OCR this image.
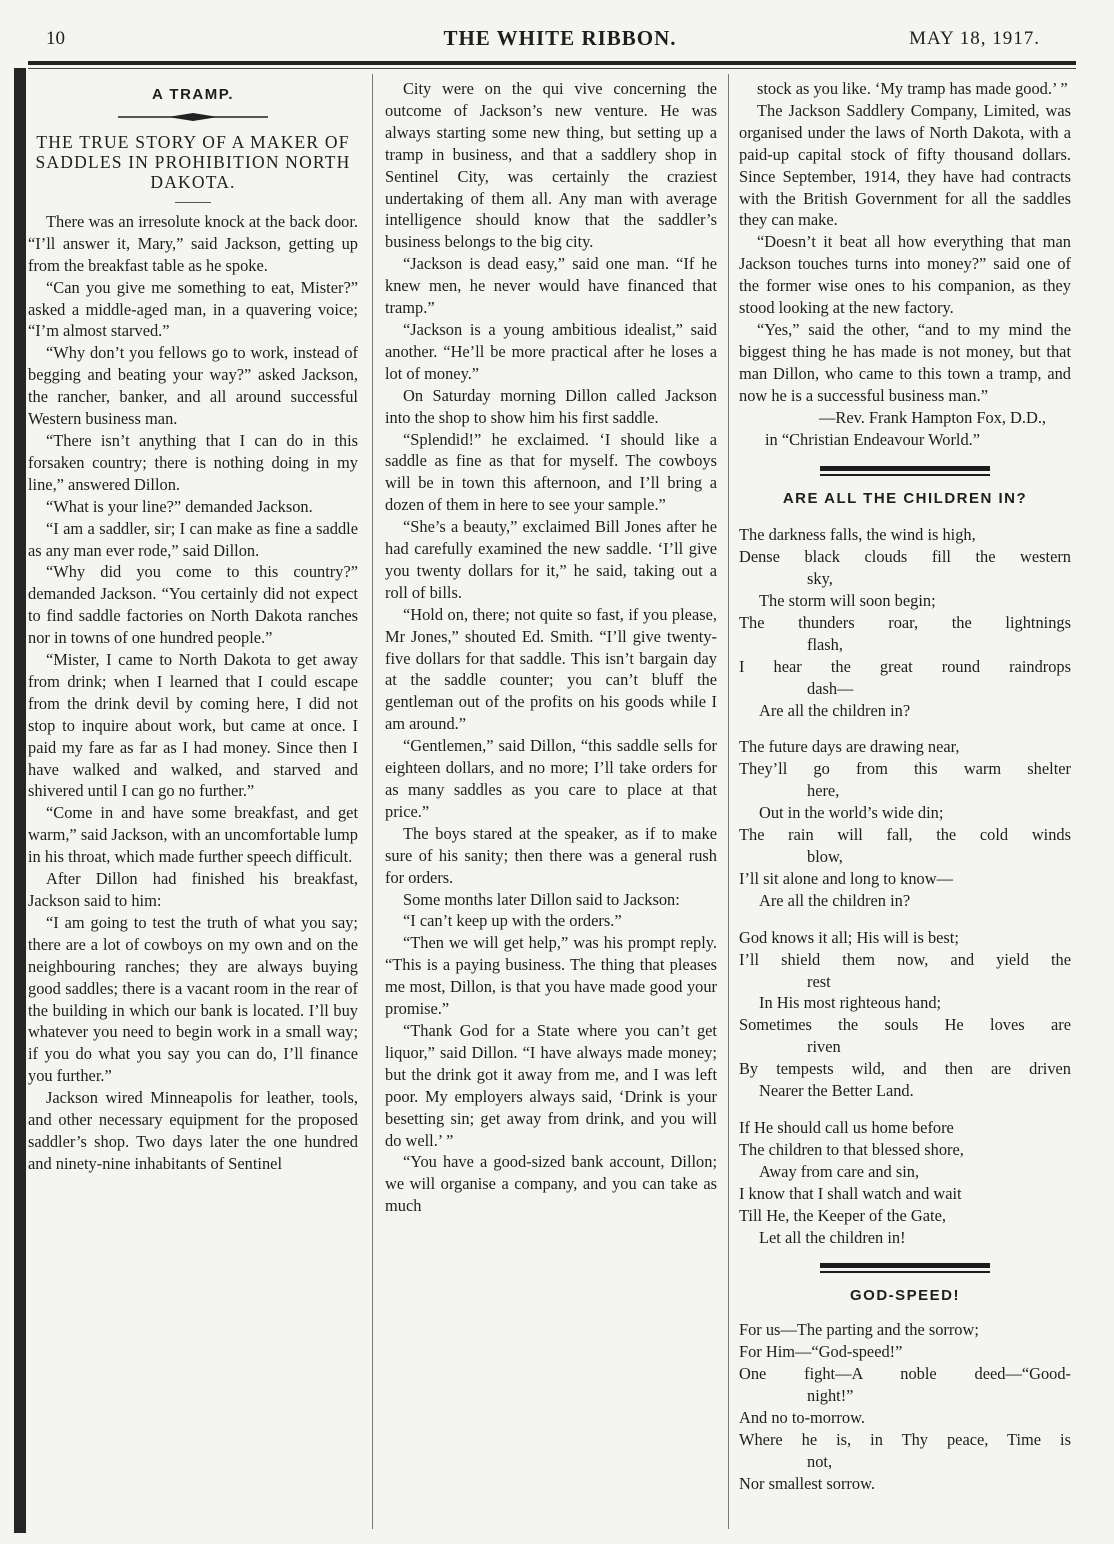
10	THE WHITE RIBBON.	MAY 18, 1917.
A TRAMP.
THE TRUE STORY OF A MAKER OF SADDLES IN PROHIBITION NORTH DAKOTA.

There was an irresolute knock at the back door. “I’ll answer it, Mary,” said Jackson, getting up from the breakfast table as he spoke.

“Can you give me something to eat, Mister?” asked a middle-aged man, in a quavering voice; “I’m almost starved.”

“Why don’t you fellows go to work, instead of begging and beating your way?” asked Jackson, the rancher, banker, and all around successful Western business man.

“There isn’t anything that I can do in this forsaken country; there is nothing doing in my line,” answered Dillon.

“What is your line?” demanded Jackson.

“I am a saddler, sir; I can make as fine a saddle as any man ever rode,” said Dillon.

“Why did you come to this country?” demanded Jackson. “You certainly did not expect to find saddle factories on North Dakota ranches nor in towns of one hundred people.”

“Mister, I came to North Dakota to get away from drink; when I learned that I could escape from the drink devil by coming here, I did not stop to inquire about work, but came at once. I paid my fare as far as I had money. Since then I have walked and walked, and starved and shivered until I can go no further.”

“Come in and have some breakfast, and get warm,” said Jackson, with an uncomfortable lump in his throat, which made further speech difficult.

After Dillon had finished his breakfast, Jackson said to him:

“I am going to test the truth of what you say; there are a lot of cowboys on my own and on the neighbouring ranches; they are always buying good saddles; there is a vacant room in the rear of the building in which our bank is located. I’ll buy whatever you need to begin work in a small way; if you do what you say you can do, I’ll finance you further.”

Jackson wired Minneapolis for leather, tools, and other necessary equipment for the proposed saddler’s shop. Two days later the one hundred and ninety-nine inhabitants of Sentinel

City were on the qui vive concerning the outcome of Jackson’s new venture. He was always starting some new thing, but setting up a tramp in business, and that a saddlery shop in Sentinel City, was certainly the craziest undertaking of them all. Any man with average intelligence should know that the saddler’s business belongs to the big city.

“Jackson is dead easy,” said one man. “If he knew men, he never would have financed that tramp.”

“Jackson is a young ambitious idealist,” said another. “He’ll be more practical after he loses a lot of money.”

On Saturday morning Dillon called Jackson into the shop to show him his first saddle.

“Splendid!” he exclaimed. ‘I should like a saddle as fine as that for myself. The cowboys will be in town this afternoon, and I’ll bring a dozen of them in here to see your sample.”

“She’s a beauty,” exclaimed Bill Jones after he had carefully examined the new saddle. ‘I’ll give you twenty dollars for it,” he said, taking out a roll of bills.

“Hold on, there; not quite so fast, if you please, Mr Jones,” shouted Ed. Smith. “I’ll give twenty-five dollars for that saddle. This isn’t bargain day at the saddle counter; you can’t bluff the gentleman out of the profits on his goods while I am around.”

“Gentlemen,” said Dillon, “this saddle sells for eighteen dollars, and no more; I’ll take orders for as many saddles as you care to place at that price.”

The boys stared at the speaker, as if to make sure of his sanity; then there was a general rush for orders.

Some months later Dillon said to Jackson:

“I can’t keep up with the orders.”

“Then we will get help,” was his prompt reply. “This is a paying business. The thing that pleases me most, Dillon, is that you have made good your promise.”

“Thank God for a State where you can’t get liquor,” said Dillon. “I have always made money; but the drink got it away from me, and I was left poor. My employers always said, ‘Drink is your besetting sin; get away from drink, and you will do well.’ ”

“You have a good-sized bank account, Dillon; we will organise a company, and you can take as much

stock as you like. ‘My tramp has made good.’ ”

The Jackson Saddlery Company, Limited, was organised under the laws of North Dakota, with a paid-up capital stock of fifty thousand dollars. Since September, 1914, they have had contracts with the British Government for all the saddles they can make.

“Doesn’t it beat all how everything that man Jackson touches turns into money?” said one of the former wise ones to his companion, as they stood looking at the new factory.

“Yes,” said the other, “and to my mind the biggest thing he has made is not money, but that man Dillon, who came to this town a tramp, and now he is a successful business man.”

—Rev. Frank Hampton Fox, D.D.,

in “Christian Endeavour World.”

ARE ALL THE CHILDREN IN?
The darkness falls, the wind is high,
Dense black clouds fill the western
sky,
The storm will soon begin;
The thunders roar, the lightnings
flash,
I hear the great round raindrops
dash—
Are all the children in?
The future days are drawing near,
They’ll go from this warm shelter
here,
Out in the world’s wide din;
The rain will fall, the cold winds
blow,
I’ll sit alone and long to know—
Are all the children in?
God knows it all; His will is best;
I’ll shield them now, and yield the
rest
In His most righteous hand;
Sometimes the souls He loves are
riven
By tempests wild, and then are driven
Nearer the Better Land.
If He should call us home before
The children to that blessed shore,
Away from care and sin,
I know that I shall watch and wait
Till He, the Keeper of the Gate,
Let all the children in!
GOD-SPEED!
For us—The parting and the sorrow;
For Him—“God-speed!”
One fight—A noble deed—“Good-
night!”
And no to-morrow.
Where he is, in Thy peace, Time is
not,
Nor smallest sorrow.
